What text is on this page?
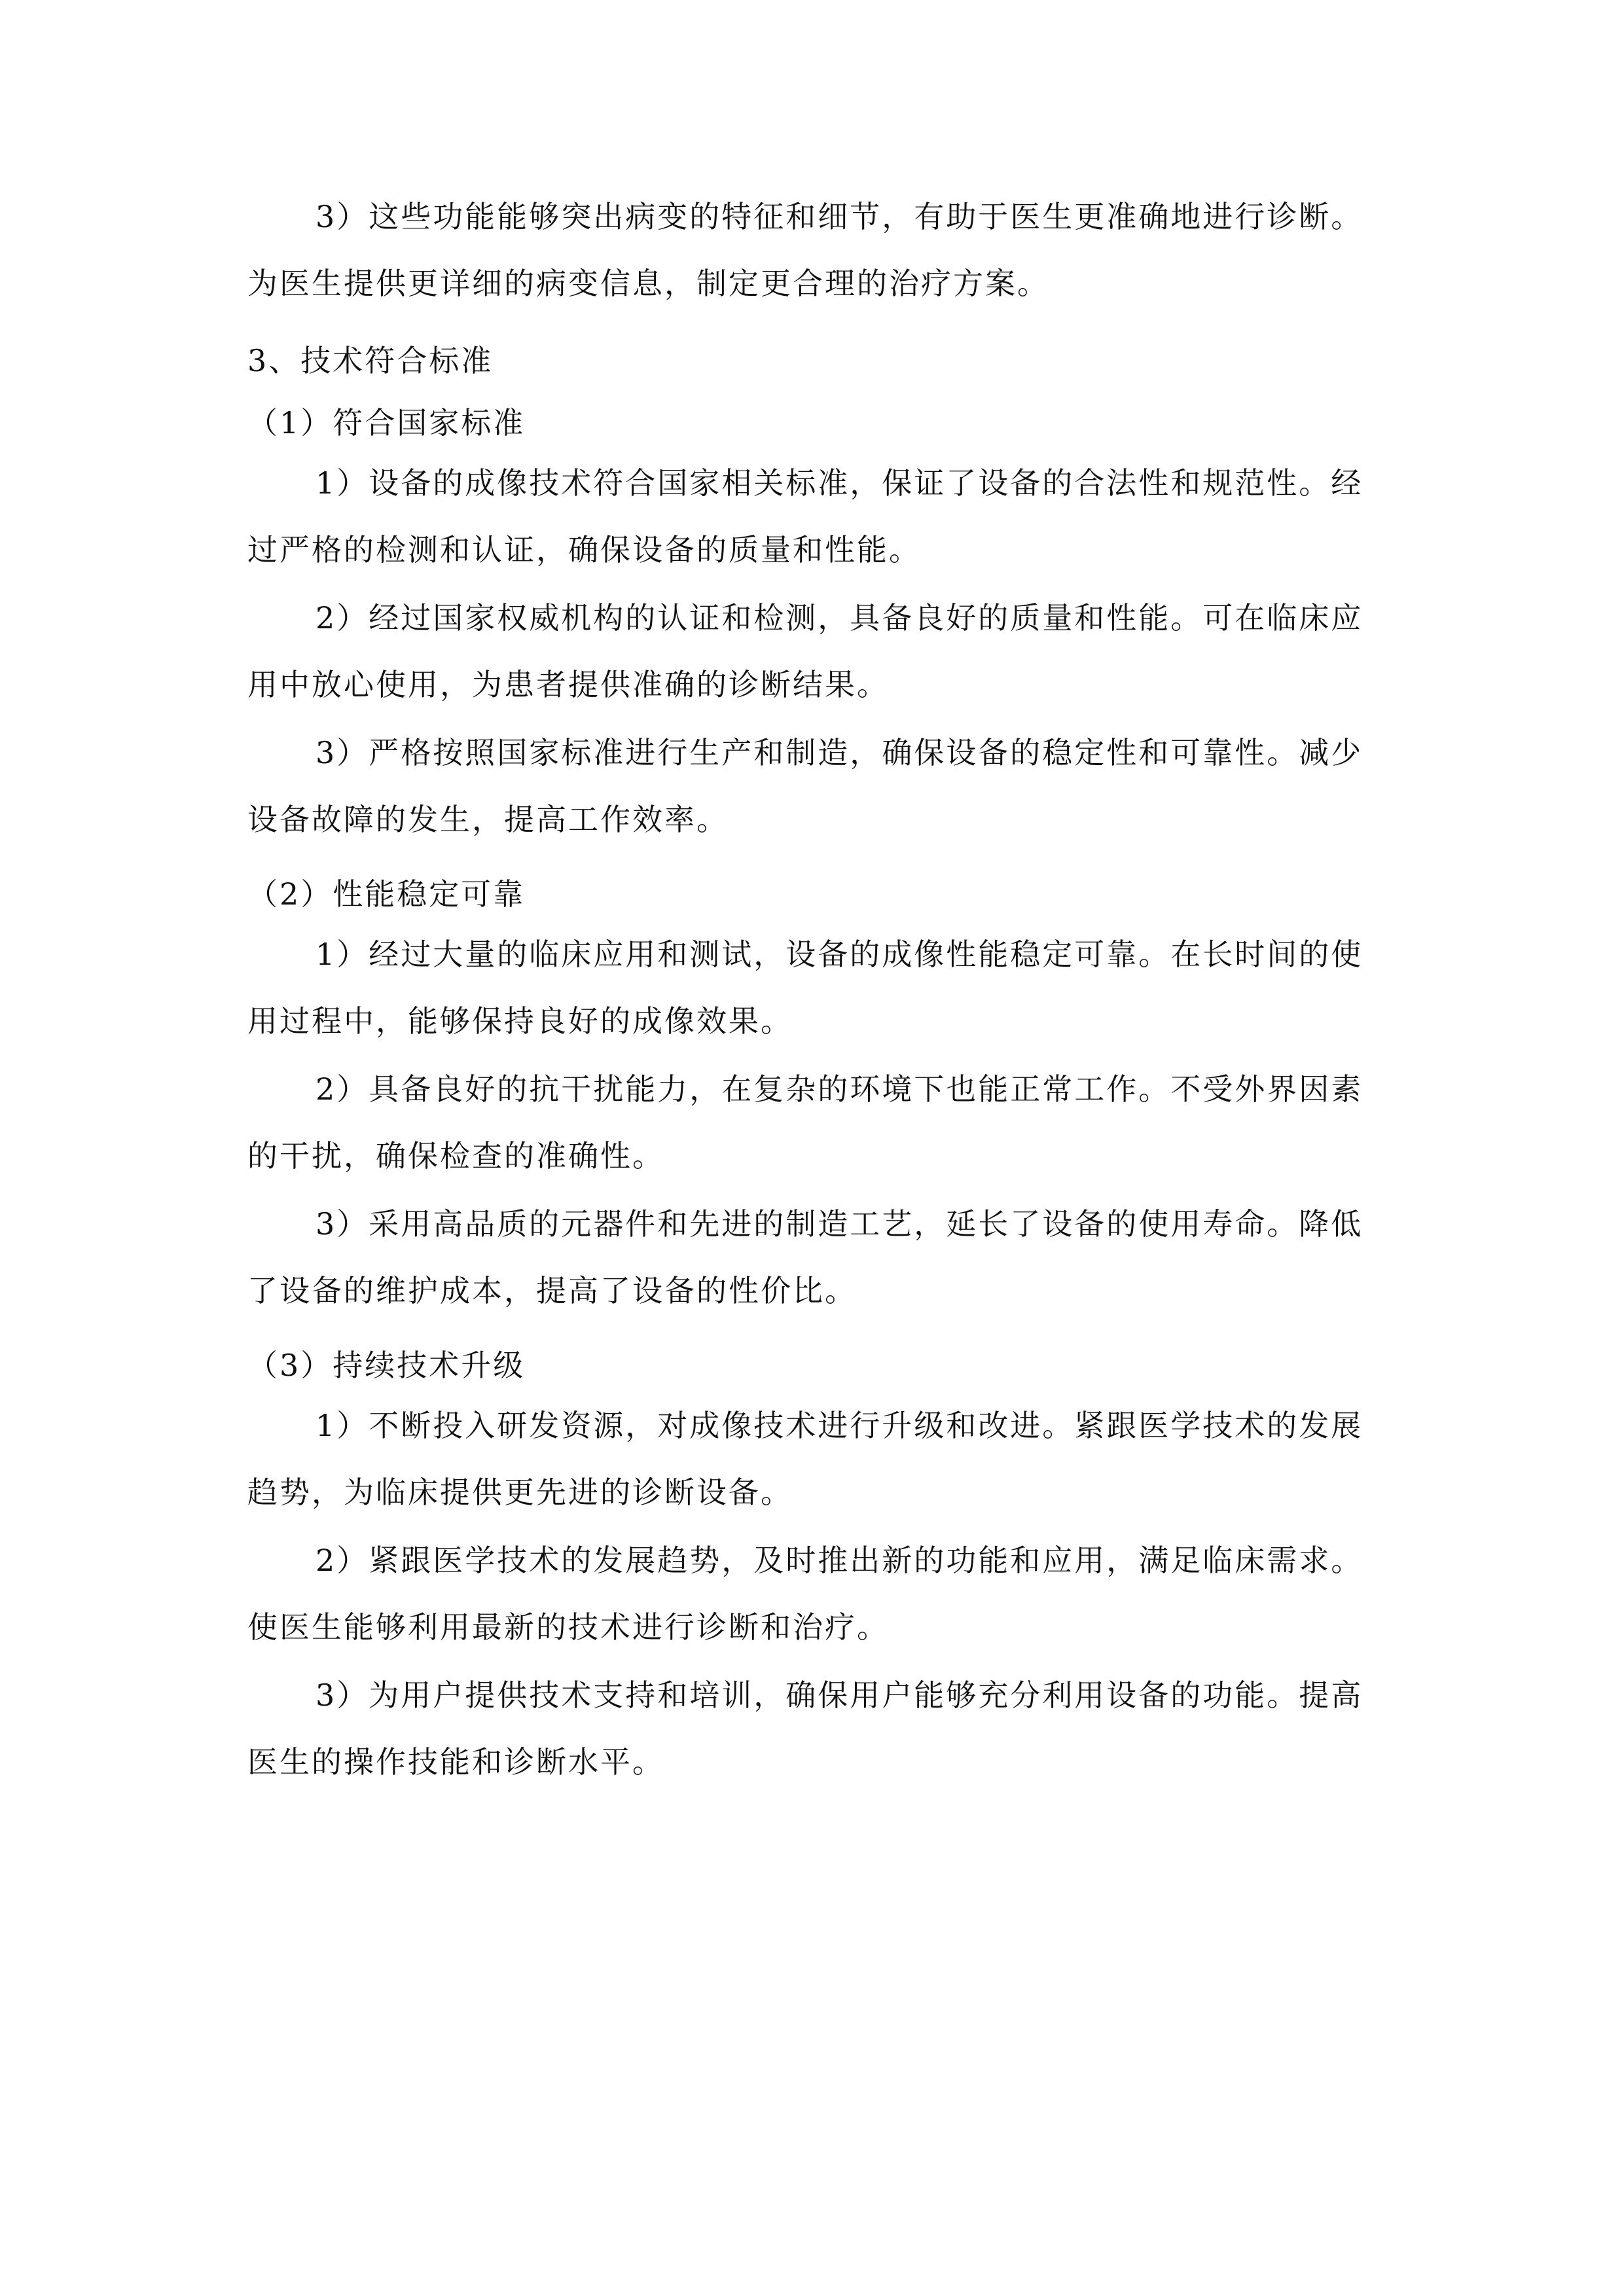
3）这些功能能够突出病变的特征和细节，有助于医生更准确地进行诊断。
为医生提供更详细的病变信息，制定更合理的治疗方案。
3、技术符合标准
（1）符合国家标准
1）设备的成像技术符合国家相关标准，保证了设备的合法性和规范性。经
过严格的检测和认证，确保设备的质量和性能。
2）经过国家权威机构的认证和检测，具备良好的质量和性能。可在临床应
用中放心使用，为患者提供准确的诊断结果。
3）严格按照国家标准进行生产和制造，确保设备的稳定性和可靠性。减少
设备故障的发生，提高工作效率。
（2）性能稳定可靠
1）经过大量的临床应用和测试，设备的成像性能稳定可靠。在长时间的使
用过程中，能够保持良好的成像效果。
2）具备良好的抗干扰能力，在复杂的环境下也能正常工作。不受外界因素
的干扰，确保检查的准确性。
3）采用高品质的元器件和先进的制造工艺，延长了设备的使用寿命。降低
了设备的维护成本，提高了设备的性价比。
（3）持续技术升级
1）不断投入研发资源，对成像技术进行升级和改进。紧跟医学技术的发展
趋势，为临床提供更先进的诊断设备。
2）紧跟医学技术的发展趋势，及时推出新的功能和应用，满足临床需求。
使医生能够利用最新的技术进行诊断和治疗。
3）为用户提供技术支持和培训，确保用户能够充分利用设备的功能。提高
医生的操作技能和诊断水平。
